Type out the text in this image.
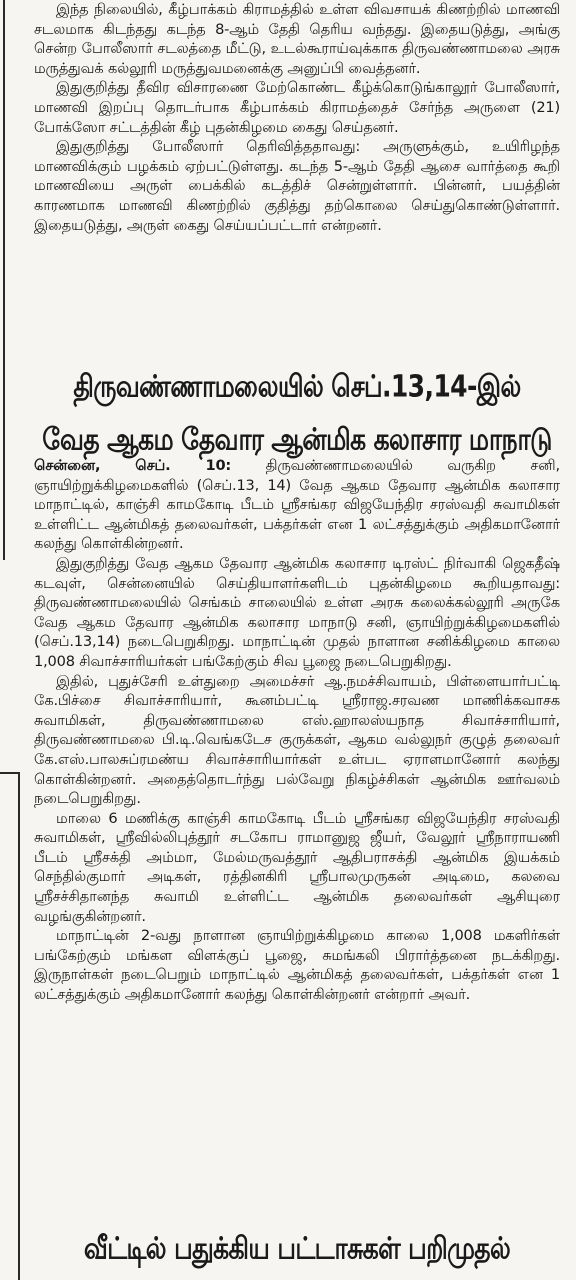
இந்த நிலையில், கீழ்பாக்கம் கிராமத்தில் உள்ள விவசாயக் கிணற்றில் மாணவி சடலமாக கிடந்தது கடந்த 8-ஆம் தேதி தெரிய வந்தது. இதையடுத்து, அங்கு சென்ற போலீஸார் சடலத்தை மீட்டு, உடல்கூராய்வுக்காக திருவண்ணாமலை அரசு மருத்துவக் கல்லூரி மருத்துவமனைக்கு அனுப்பி வைத்தனர்.

இதுகுறித்து தீவிர விசாரணை மேற்கொண்ட கீழ்க்கொடுங்காலூர் போலீஸார், மாணவி இறப்பு தொடர்பாக கீழ்பாக்கம் கிராமத்தைச் சேர்ந்த அருளை (21) போக்ஸோ சட்டத்தின் கீழ் புதன்கிழமை கைது செய்தனர்.

இதுகுறித்து போலீஸார் தெரிவித்ததாவது: அருளுக்கும், உயிரிழந்த மாணவிக்கும் பழக்கம் ஏற்பட்டுள்ளது. கடந்த 5-ஆம் தேதி ஆசை வார்த்தை கூறி மாணவியை அருள் பைக்கில் கடத்திச் சென்றுள்ளார். பின்னர், பயத்தின் காரணமாக மாணவி கிணற்றில் குதித்து தற்கொலை செய்துகொண்டுள்ளார். இதையடுத்து, அருள் கைது செய்யப்பட்டார் என்றனர்.

திருவண்ணாமலையில் செப்.13,14-இல்
வேத ஆகம தேவார ஆன்மிக கலாசார மாநாடு

சென்னை, செப். 10: திருவண்ணாமலையில் வருகிற சனி, ஞாயிற்றுக்கிழமைகளில் (செப்.13, 14) வேத ஆகம தேவார ஆன்மிக கலாசார மாநாட்டில், காஞ்சி காமகோடி பீடம் ஸ்ரீசங்கர விஜயேந்திர சரஸ்வதி சுவாமிகள் உள்ளிட்ட ஆன்மிகத் தலைவர்கள், பக்தர்கள் என 1 லட்சத்துக்கும் அதிகமானோர் கலந்து கொள்கின்றனர்.

இதுகுறித்து வேத ஆகம தேவார ஆன்மிக கலாசார டிரஸ்ட் நிர்வாகி ஜெகதீஷ் கடவுள், சென்னையில் செய்தியாளர்களிடம் புதன்கிழமை கூறியதாவது: திருவண்ணாமலையில் செங்கம் சாலையில் உள்ள அரசு கலைக்கல்லூரி அருகே வேத ஆகம தேவார ஆன்மிக கலாசார மாநாடு சனி, ஞாயிற்றுக்கிழமைகளில் (செப்.13,14) நடைபெறுகிறது. மாநாட்டின் முதல் நாளான சனிக்கிழமை காலை 1,008 சிவாச்சாரியர்கள் பங்கேற்கும் சிவ பூஜை நடைபெறுகிறது.

இதில், புதுச்சேரி உள்துறை அமைச்சர் ஆ.நமச்சிவாயம், பிள்ளையார்பட்டி கே.பிச்சை சிவாச்சாரியார், கூனம்பட்டி ஸ்ரீராஜ.சரவண மாணிக்கவாசக சுவாமிகள், திருவண்ணாமலை எஸ்.ஹாலஸ்யநாத சிவாச்சாரியார், திருவண்ணாமலை பி.டி.வெங்கடேச குருக்கள், ஆகம வல்லுநர் குழுத் தலைவர் கே.எஸ்.பாலசுப்ரமண்ய சிவாச்சாரியார்கள் உள்பட ஏராளமானோர் கலந்து கொள்கின்றனர். அதைத்தொடர்ந்து பல்வேறு நிகழ்ச்சிகள் ஆன்மிக ஊர்வலம் நடைபெறுகிறது.

மாலை 6 மணிக்கு காஞ்சி காமகோடி பீடம் ஸ்ரீசங்கர விஜயேந்திர சரஸ்வதி சுவாமிகள், ஸ்ரீவில்லிபுத்தூர் சடகோப ராமானுஜ ஜீயர், வேலூர் ஸ்ரீநாராயணி பீடம் ஸ்ரீசக்தி அம்மா, மேல்மருவத்தூர் ஆதிபராசக்தி ஆன்மிக இயக்கம் செந்தில்குமார் அடிகள், ரத்தினகிரி ஸ்ரீபாலமுருகன் அடிமை, கலவை ஸ்ரீசச்சிதானந்த சுவாமி உள்ளிட்ட ஆன்மிக தலைவர்கள் ஆசியுரை வழங்குகின்றனர்.

மாநாட்டின் 2-வது நாளான ஞாயிற்றுக்கிழமை காலை 1,008 மகளிர்கள் பங்கேற்கும் மங்கள விளக்குப் பூஜை, சுமங்கலி பிரார்த்தனை நடக்கிறது. இருநாள்கள் நடைபெறும் மாநாட்டில் ஆன்மிகத் தலைவர்கள், பக்தர்கள் என 1 லட்சத்துக்கும் அதிகமானோர் கலந்து கொள்கின்றனர் என்றார் அவர்.

வீட்டில் பதுக்கிய பட்டாசுகள் பறிமுதல்
